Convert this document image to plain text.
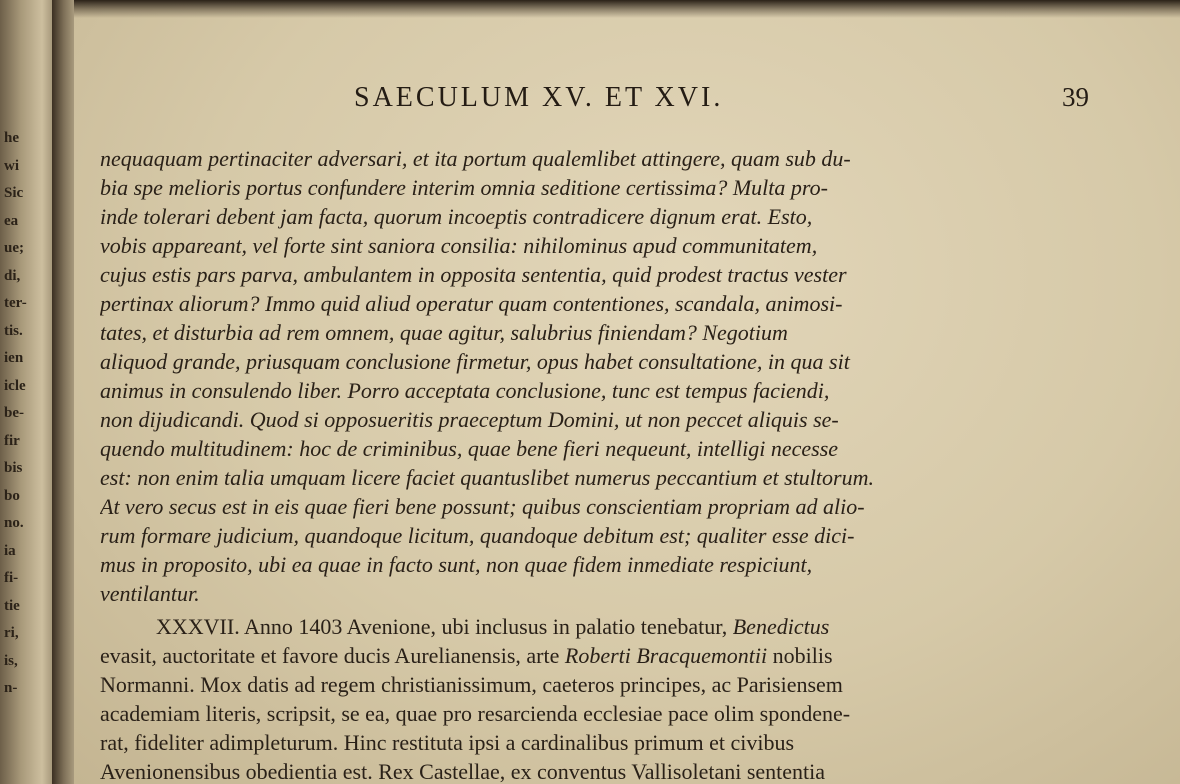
he
wi
Sic
ea
ue;
di,
ter-
tis.
ien
icle
be-
fir
bis
bo
no.
ia
fi-
tie
ri,
is,
n-
SAECULUM XV. ET XVI.	39
nequaquam pertinaciter adversari, et ita portum qualemlibet attingere, quam sub du-
bia spe melioris portus confundere interim omnia seditione certissima? Multa pro-
inde tolerari debent jam facta, quorum incoeptis contradicere dignum erat. Esto,
vobis appareant, vel forte sint saniora consilia: nihilominus apud communitatem,
cujus estis pars parva, ambulantem in opposita sententia, quid prodest tractus vester
pertinax aliorum? Immo quid aliud operatur quam contentiones, scandala, animosi-
tates, et disturbia ad rem omnem, quae agitur, salubrius finiendam? Negotium
aliquod grande, priusquam conclusione firmetur, opus habet consultatione, in qua sit
animus in consulendo liber. Porro acceptata conclusione, tunc est tempus faciendi,
non dijudicandi. Quod si opposueritis praeceptum Domini, ut non peccet aliquis se-
quendo multitudinem: hoc de criminibus, quae bene fieri nequeunt, intelligi necesse
est: non enim talia umquam licere faciet quantuslibet numerus peccantium et stultorum.
At vero secus est in eis quae fieri bene possunt; quibus conscientiam propriam ad alio-
rum formare judicium, quandoque licitum, quandoque debitum est; qualiter esse dici-
mus in proposito, ubi ea quae in facto sunt, non quae fidem inmediate respiciunt,
ventilantur.
XXXVII. Anno 1403 Avenione, ubi inclusus in palatio tenebatur, Benedictus
evasit, auctoritate et favore ducis Aurelianensis, arte Roberti Bracquemontii nobilis
Normanni. Mox datis ad regem christianissimum, caeteros principes, ac Parisiensem
academiam literis, scripsit, se ea, quae pro resarcienda ecclesiae pace olim spondene-
rat, fideliter adimpleturum. Hinc restituta ipsi a cardinalibus primum et civibus
Avenionensibus obedientia est. Rex Castellae, ex conventus Vallisoletani sententia
